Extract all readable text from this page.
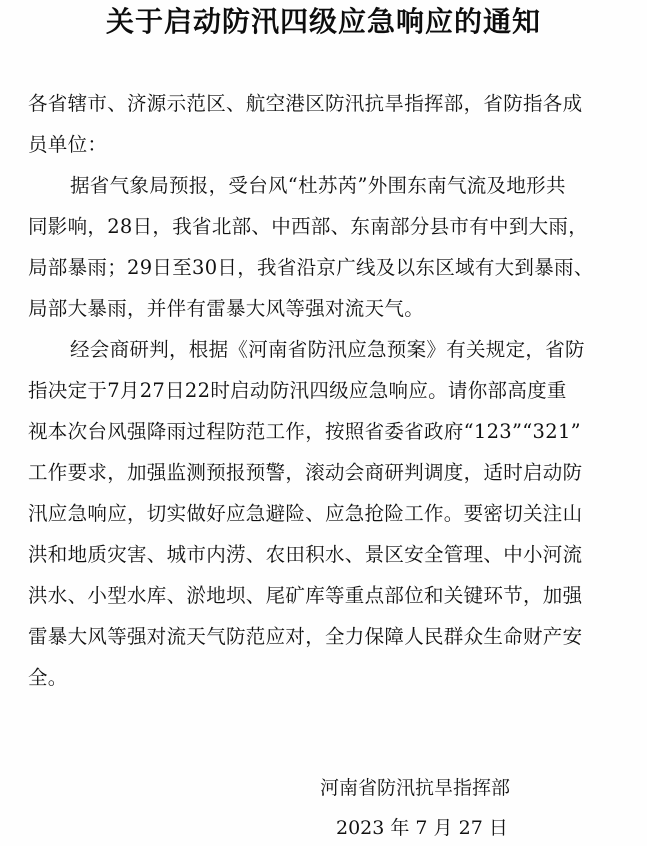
关于启动防汛四级应急响应的通知
各省辖市、济源示范区、航空港区防汛抗旱指挥部，省防指各成
员单位：
据省气象局预报，受台风“杜苏芮”外围东南气流及地形共
同影响，28日，我省北部、中西部、东南部分县市有中到大雨，
局部暴雨；29日至30日，我省沿京广线及以东区域有大到暴雨、
局部大暴雨，并伴有雷暴大风等强对流天气。
经会商研判，根据《河南省防汛应急预案》有关规定，省防
指决定于7月27日22时启动防汛四级应急响应。请你部高度重
视本次台风强降雨过程防范工作，按照省委省政府“123”“321”
工作要求，加强监测预报预警，滚动会商研判调度，适时启动防
汛应急响应，切实做好应急避险、应急抢险工作。要密切关注山
洪和地质灾害、城市内涝、农田积水、景区安全管理、中小河流
洪水、小型水库、淤地坝、尾矿库等重点部位和关键环节，加强
雷暴大风等强对流天气防范应对，全力保障人民群众生命财产安
全。
河南省防汛抗旱指挥部
2023 年 7 月 27 日
